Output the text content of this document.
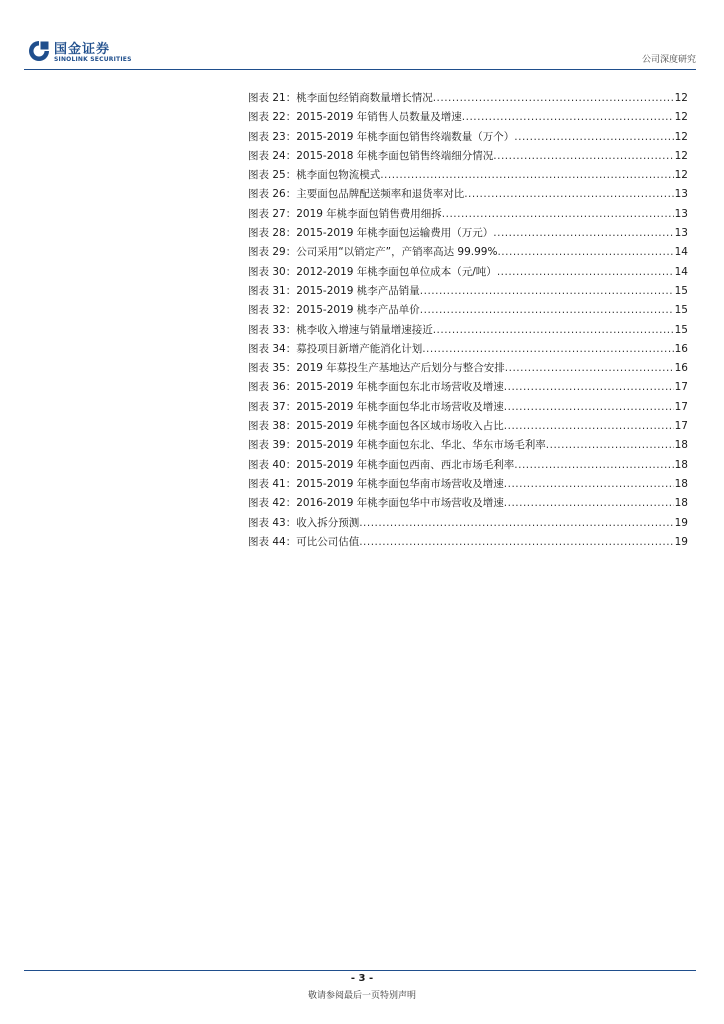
国金证券
SINOLINK SECURITIES	公司深度研究
图表 21： 桃李面包经销商数量增长情况 .....	12
图表 22： 2015-2019 年销售人员数量及增速 .....	12
图表 23： 2015-2019 年桃李面包销售终端数量（万个） .....	12
图表 24： 2015-2018 年桃李面包销售终端细分情况 .....	12
图表 25： 桃李面包物流模式 .....	12
图表 26： 主要面包品牌配送频率和退货率对比 .....	13
图表 27： 2019 年桃李面包销售费用细拆 .....	13
图表 28： 2015-2019 年桃李面包运输费用（万元） .....	13
图表 29： 公司采用“以销定产”，产销率高达 99.99% .....	14
图表 30： 2012-2019 年桃李面包单位成本（元/吨） .....	14
图表 31： 2015-2019 桃李产品销量 .....	15
图表 32： 2015-2019 桃李产品单价 .....	15
图表 33： 桃李收入增速与销量增速接近 .....	15
图表 34： 募投项目新增产能消化计划 .....	16
图表 35： 2019 年募投生产基地达产后划分与整合安排 .....	16
图表 36： 2015-2019 年桃李面包东北市场营收及增速 .....	17
图表 37： 2015-2019 年桃李面包华北市场营收及增速 .....	17
图表 38： 2015-2019 年桃李面包各区域市场收入占比 .....	17
图表 39： 2015-2019 年桃李面包东北、华北、华东市场毛利率 .....	18
图表 40： 2015-2019 年桃李面包西南、西北市场毛利率 .....	18
图表 41： 2015-2019 年桃李面包华南市场营收及增速 .....	18
图表 42： 2016-2019 年桃李面包华中市场营收及增速 .....	18
图表 43： 收入拆分预测 .....	19
图表 44： 可比公司估值 .....	19
- 3 -
敬请参阅最后一页特别声明
